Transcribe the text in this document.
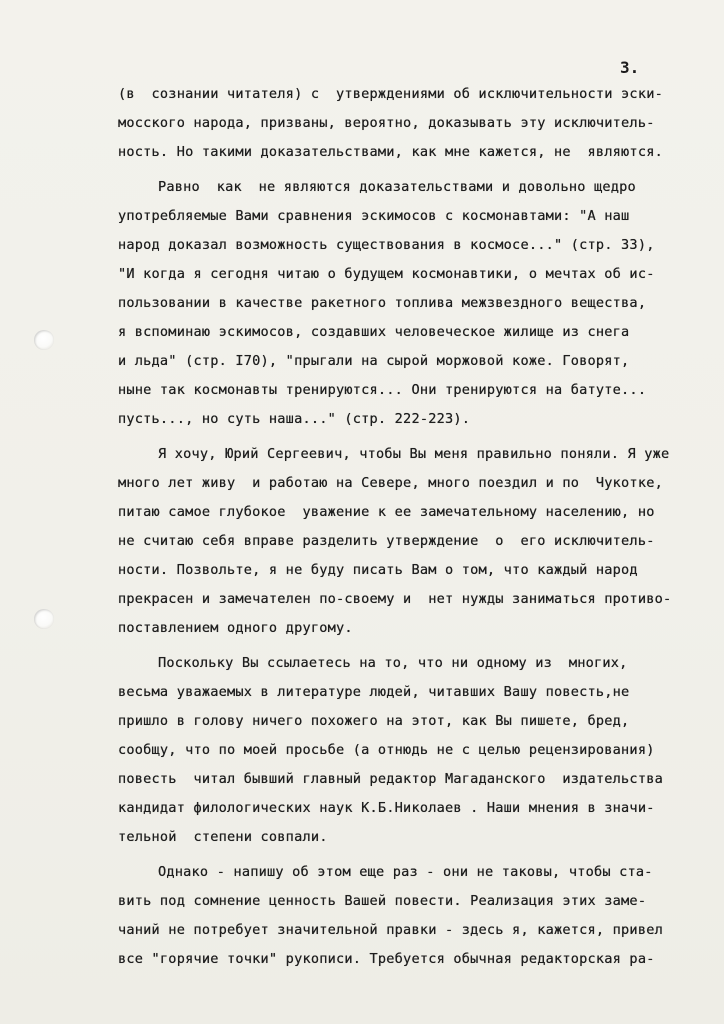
3.
(в  сознании читателя) с  утверждениями об исключительности эски-
мосского народа, призваны, вероятно, доказывать эту исключитель-
ность. Но такими доказательствами, как мне кажется, не  являются.
Равно  как  не являются доказательствами и довольно щедро
употребляемые Вами сравнения эскимосов с космонавтами: "А наш
народ доказал возможность существования в космосе..." (стр. 33),
"И когда я сегодня читаю о будущем космонавтики, о мечтах об ис-
пользовании в качестве ракетного топлива межзвездного вещества,
я вспоминаю эскимосов, создавших человеческое жилище из снега
и льда" (стр. I70), "прыгали на сырой моржовой коже. Говорят,
ныне так космонавты тренируются... Они тренируются на батуте...
пусть..., но суть наша..." (стр. 222-223).
Я хочу, Юрий Сергеевич, чтобы Вы меня правильно поняли. Я уже
много лет живу  и работаю на Севере, много поездил и по  Чукотке,
питаю самое глубокое  уважение к ее замечательному населению, но
не считаю себя вправе разделить утверждение  о  его исключитель-
ности. Позвольте, я не буду писать Вам о том, что каждый народ
прекрасен и замечателен по-своему и  нет нужды заниматься противо-
поставлением одного другому.
Поскольку Вы ссылаетесь на то, что ни одному из  многих,
весьма уважаемых в литературе людей, читавших Вашу повесть,не
пришло в голову ничего похожего на этот, как Вы пишете, бред,
сообщу, что по моей просьбе (а отнюдь не с целью рецензирования)
повесть  читал бывший главный редактор Магаданского  издательства
кандидат филологических наук К.Б.Николаев . Наши мнения в значи-
тельной  степени совпали.
Однако - напишу об этом еще раз - они не таковы, чтобы ста-
вить под сомнение ценность Вашей повести. Реализация этих заме-
чаний не потребует значительной правки - здесь я, кажется, привел
все "горячие точки" рукописи. Требуется обычная редакторская ра-
